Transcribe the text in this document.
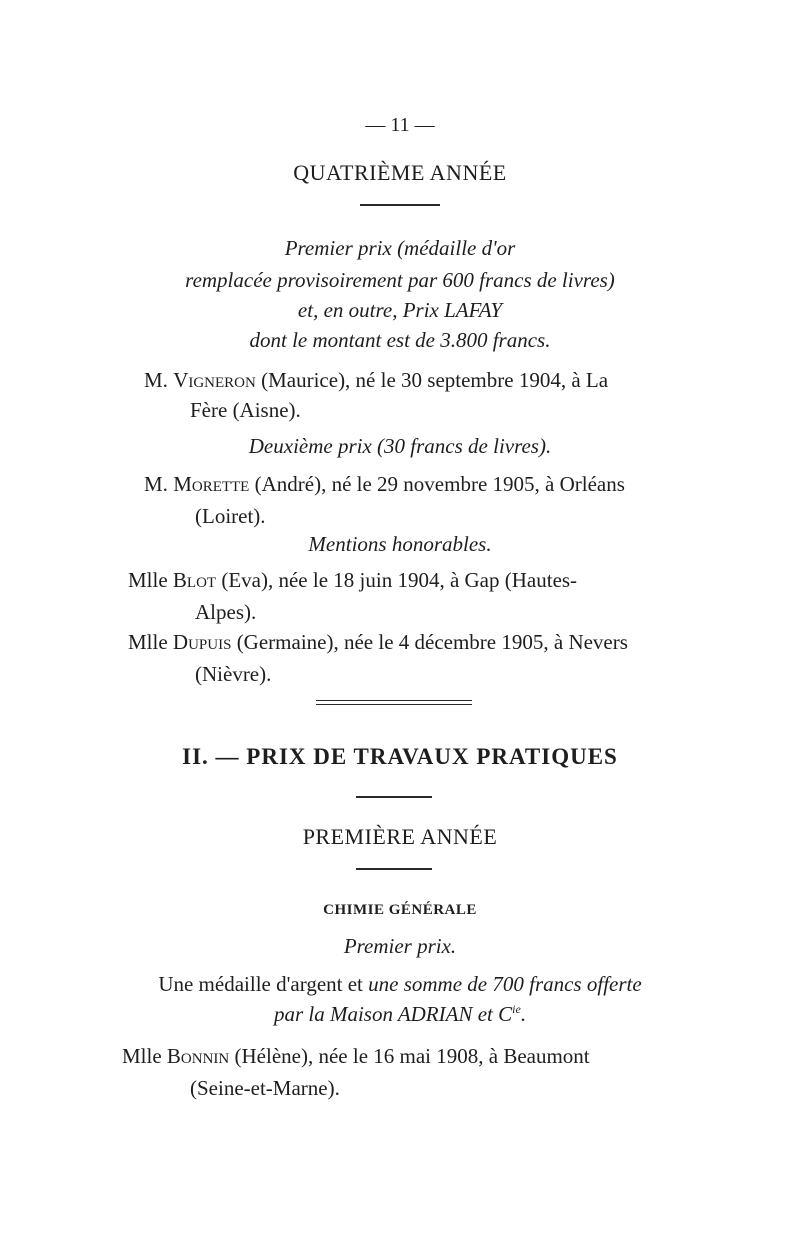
— 11 —
QUATRIÈME ANNÉE
Premier prix (médaille d'or
remplacée provisoirement par 600 francs de livres)
et, en outre, Prix LAFAY
dont le montant est de 3.800 francs.
M. Vigneron (Maurice), né le 30 septembre 1904, à La
Fère (Aisne).
Deuxième prix (30 francs de livres).
M. Morette (André), né le 29 novembre 1905, à Orléans
(Loiret).
Mentions honorables.
Mlle Blot (Eva), née le 18 juin 1904, à Gap (Hautes-
Alpes).
Mlle Dupuis (Germaine), née le 4 décembre 1905, à Nevers
(Nièvre).
II. — PRIX DE TRAVAUX PRATIQUES
PREMIÈRE ANNÉE
CHIMIE GÉNÉRALE
Premier prix.
Une médaille d'argent et une somme de 700 francs offerte
par la Maison ADRIAN et $C^{ie}$.
Mlle Bonnin (Hélène), née le 16 mai 1908, à Beaumont
(Seine-et-Marne).
